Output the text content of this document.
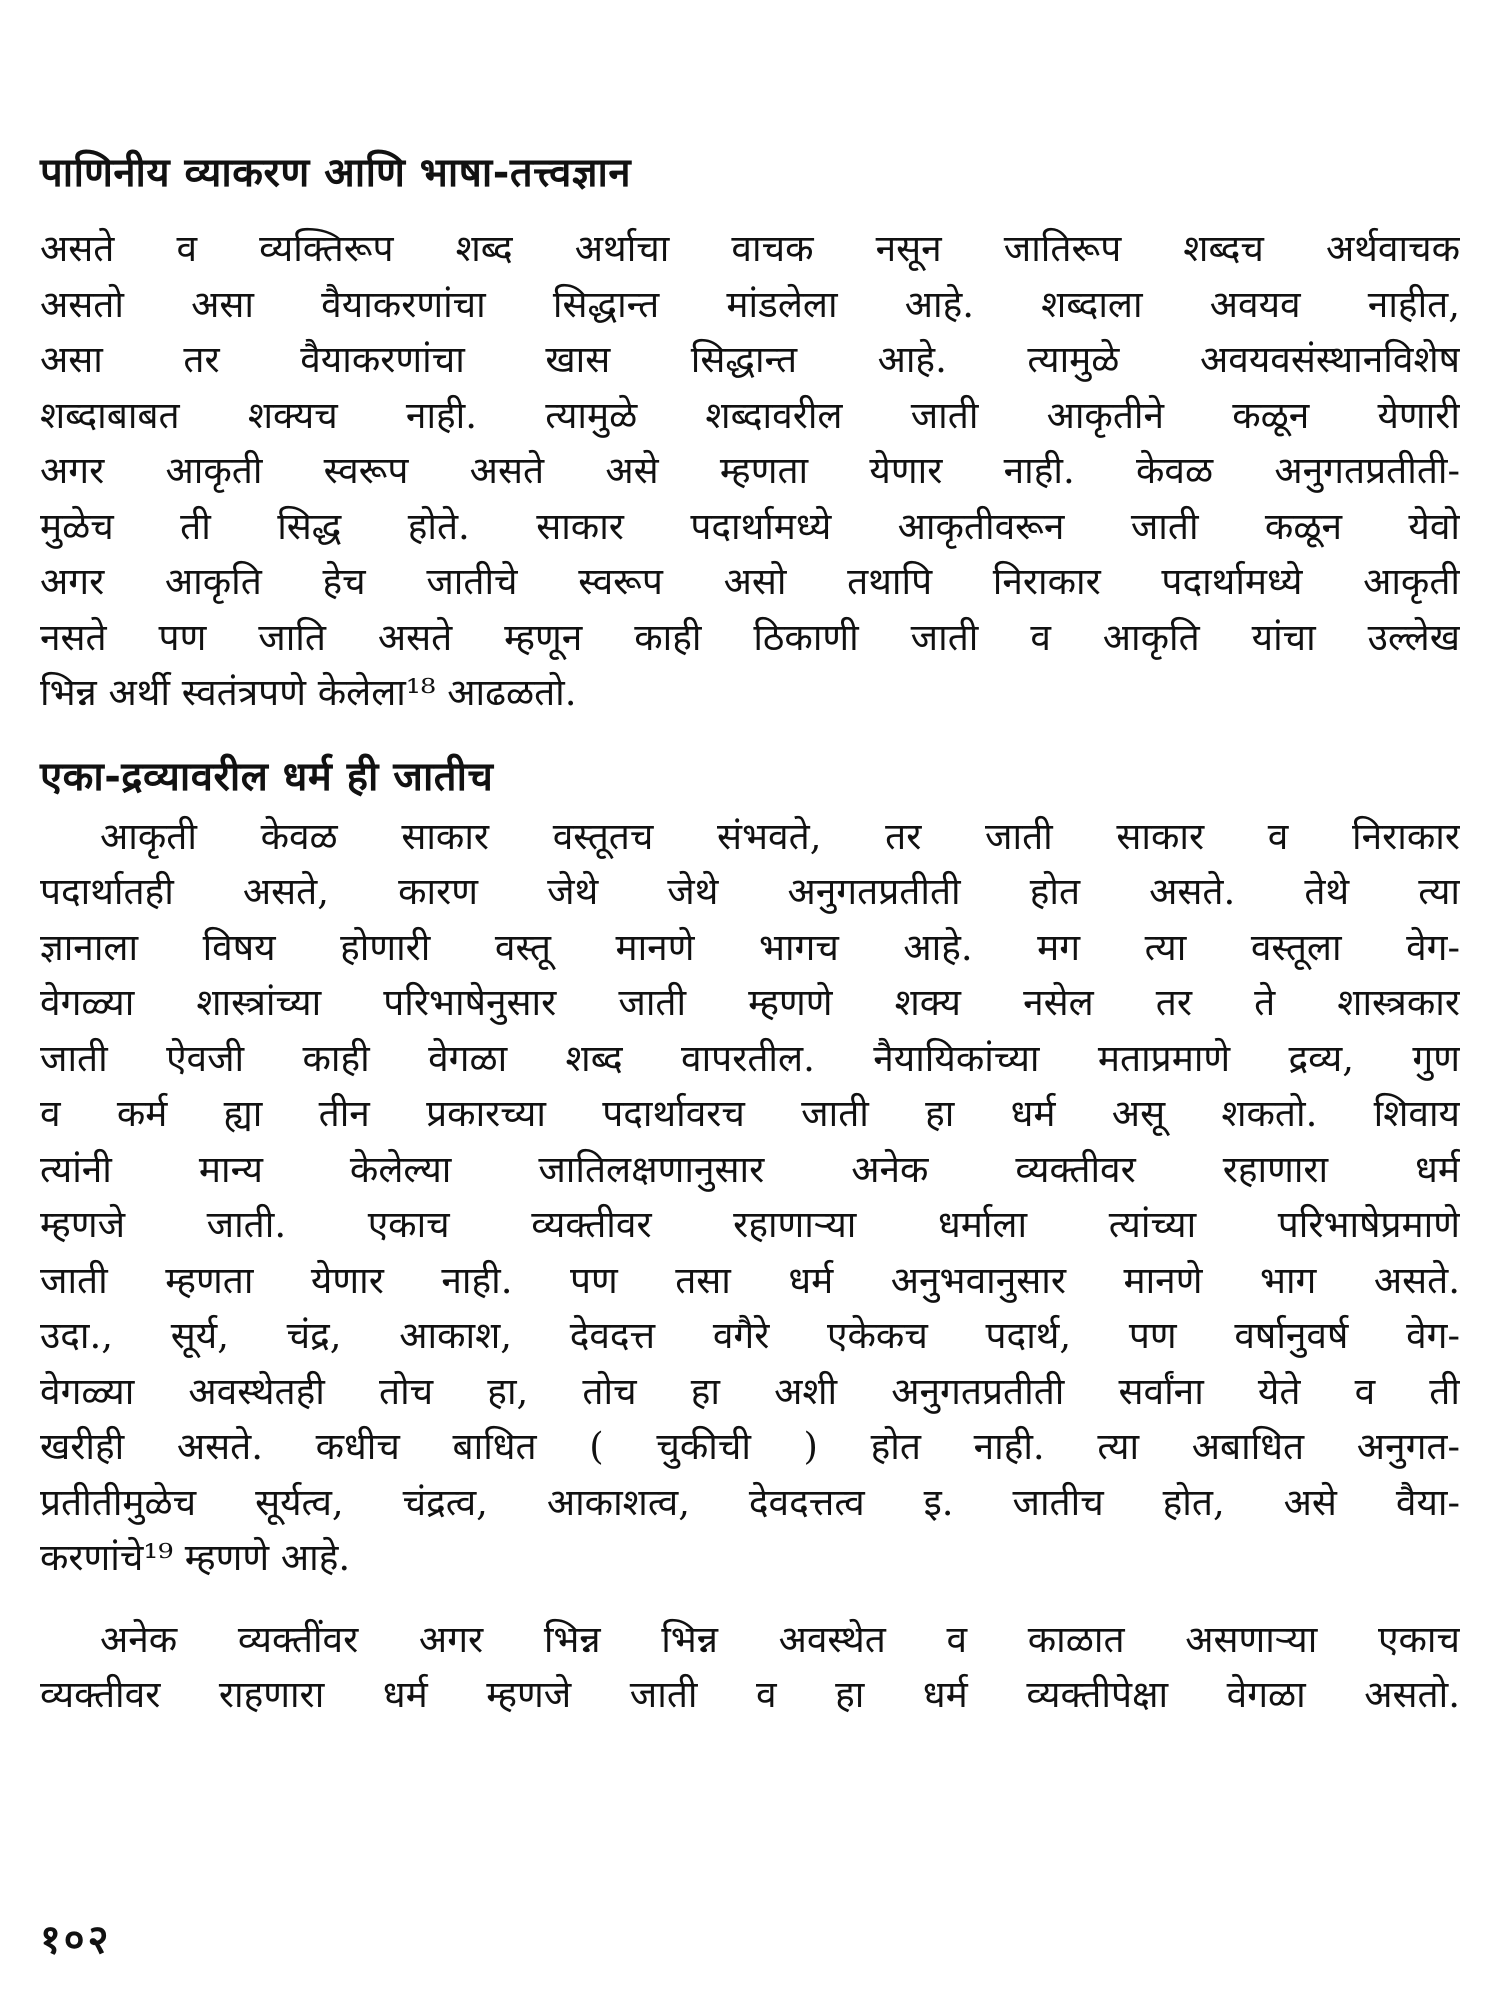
पाणिनीय व्याकरण आणि भाषा-तत्त्वज्ञान
असते व व्यक्तिरूप शब्द अर्थाचा वाचक नसून जातिरूप शब्दच अर्थवाचक
असतो असा वैयाकरणांचा सिद्धान्त मांडलेला आहे. शब्दाला अवयव नाहीत,
असा तर वैयाकरणांचा खास सिद्धान्त आहे. त्यामुळे अवयवसंस्थानविशेष
शब्दाबाबत शक्यच नाही. त्यामुळे शब्दावरील जाती आकृतीने कळून येणारी
अगर आकृती स्वरूप असते असे म्हणता येणार नाही. केवळ अनुगतप्रतीती-
मुळेच ती सिद्ध होते. साकार पदार्थामध्ये आकृतीवरून जाती कळून येवो
अगर आकृति हेच जातीचे स्वरूप असो तथापि निराकार पदार्थामध्ये आकृती
नसते पण जाति असते म्हणून काही ठिकाणी जाती व आकृति यांचा उल्लेख
भिन्न अर्थी स्वतंत्रपणे केलेला¹⁸ आढळतो.
एका-द्रव्यावरील धर्म ही जातीच
आकृती केवळ साकार वस्तूतच संभवते, तर जाती साकार व निराकार
पदार्थातही असते, कारण जेथे जेथे अनुगतप्रतीती होत असते. तेथे त्या
ज्ञानाला विषय होणारी वस्तू मानणे भागच आहे. मग त्या वस्तूला वेग-
वेगळ्या शास्त्रांच्या परिभाषेनुसार जाती म्हणणे शक्य नसेल तर ते शास्त्रकार
जाती ऐवजी काही वेगळा शब्द वापरतील. नैयायिकांच्या मताप्रमाणे द्रव्य, गुण
व कर्म ह्या तीन प्रकारच्या पदार्थावरच जाती हा धर्म असू शकतो. शिवाय
त्यांनी मान्य केलेल्या जातिलक्षणानुसार अनेक व्यक्तीवर रहाणारा धर्म
म्हणजे जाती. एकाच व्यक्तीवर रहाणाऱ्या धर्माला त्यांच्या परिभाषेप्रमाणे
जाती म्हणता येणार नाही. पण तसा धर्म अनुभवानुसार मानणे भाग असते.
उदा., सूर्य, चंद्र, आकाश, देवदत्त वगैरे एकेकच पदार्थ, पण वर्षानुवर्ष वेग-
वेगळ्या अवस्थेतही तोच हा, तोच हा अशी अनुगतप्रतीती सर्वांना येते व ती
खरीही असते. कधीच बाधित ( चुकीची ) होत नाही. त्या अबाधित अनुगत-
प्रतीतीमुळेच सूर्यत्व, चंद्रत्व, आकाशत्व, देवदत्तत्व इ. जातीच होत, असे वैया-
करणांचे¹⁹ म्हणणे आहे.
अनेक व्यक्तींवर अगर भिन्न भिन्न अवस्थेत व काळात असणाऱ्या एकाच
व्यक्तीवर राहणारा धर्म म्हणजे जाती व हा धर्म व्यक्तीपेक्षा वेगळा असतो.
१०२
